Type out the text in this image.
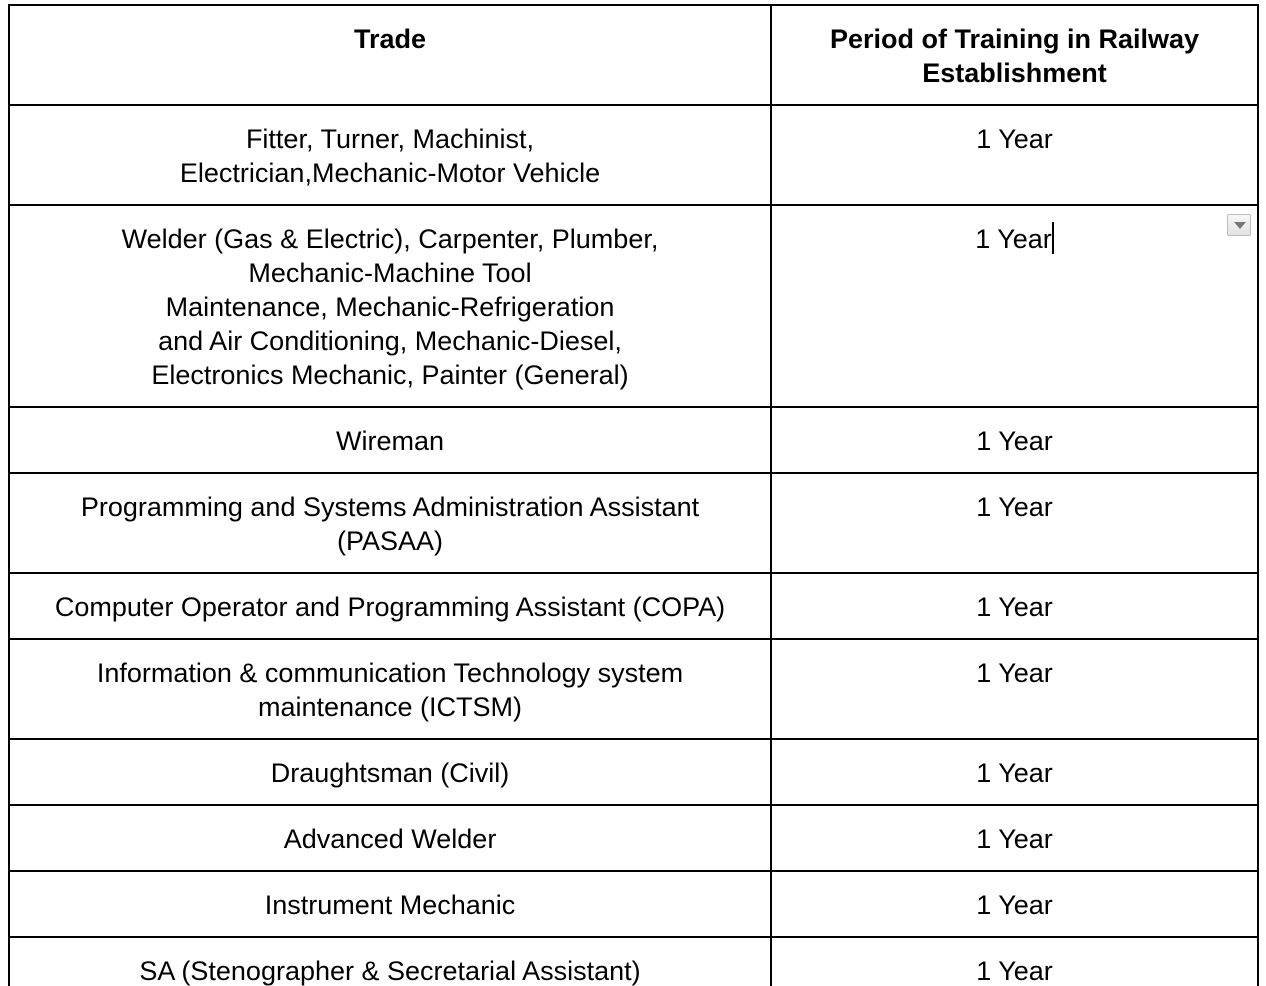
Trade	Period of Training in Railway Establishment

Fitter, Turner, Machinist,
Electrician,Mechanic-Motor Vehicle	1 Year

Welder (Gas & Electric), Carpenter, Plumber,
Mechanic-Machine Tool
Maintenance, Mechanic-Refrigeration
and Air Conditioning, Mechanic-Diesel,
Electronics Mechanic, Painter (General)	1 Year

Wireman	1 Year

Programming and Systems Administration Assistant
(PASAA)	1 Year

Computer Operator and Programming Assistant (COPA)	1 Year

Information & communication Technology system
maintenance (ICTSM)	1 Year

Draughtsman (Civil)	1 Year

Advanced Welder	1 Year

Instrument Mechanic	1 Year

SA (Stenographer & Secretarial Assistant)	1 Year
